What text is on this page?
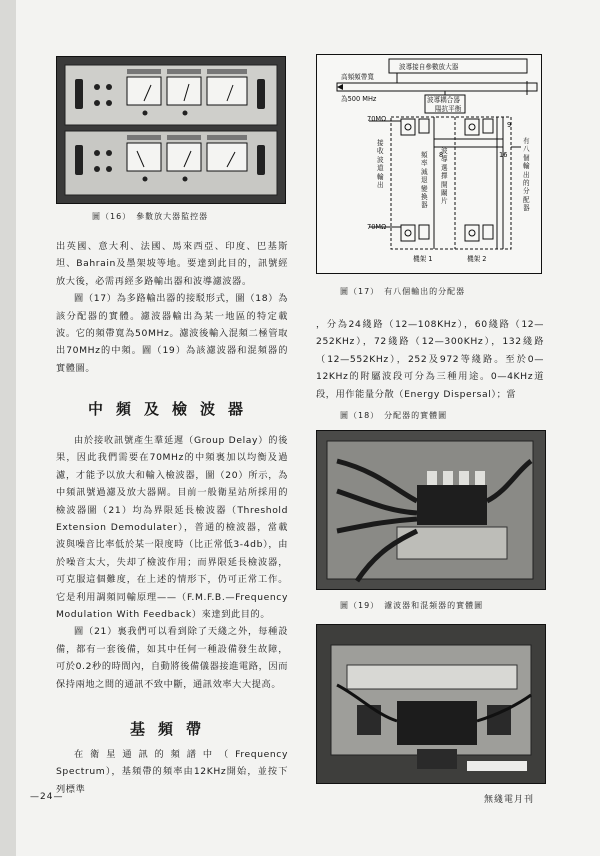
圖（16）　參數放大器監控器
波導接自參數放大器
高頻頻帶寬
為500 MHz	波導耦合器
陽抗平衡
70MΩ
70MΩ
接收波道輸出
頻率減退變換器
波導選擇開關片
有八個輸出的分配器
8
9
16
機架 1	機架 2
圖（17）　有八個輸出的分配器

，分為24綫路（12—108KHz），60綫路（12—252KHz），72綫路（12—300KHz），132綫路（12—552KHz），252及972等綫路。至於0—12KHz的附屬波段可分為三種用途。0—4KHz道段，用作能量分散（Energy Dispersal）；當

圖（18）　分配器的實體圖
圖（19）　濾波器和混頻器的實體圖

出英國、意大利、法國、馬來西亞、印度、巴基斯坦、Bahrain及墨架坡等地。要達到此目的，訊號經放大後，必需再經多路輸出器和波導濾波器。

圖（17）為多路輸出器的接駁形式，圖（18）為該分配器的實體。濾波器輸出為某一地區的特定載波。它的頻帶寬為50MHz。濾波後輸入混頻二極管取出70MHz的中頻。圖（19）為該濾波器和混頻器的實體圖。

中頻及檢波器

由於接收訊號產生羣延遲（Group Delay）的後果，因此我們需要在70MHz的中頻裏加以均衡及過濾，才能予以放大和輸入檢波器，圖（20）所示，為中頻訊號過濾及放大器閘。目前一般衛星站所採用的檢波器圖（21）均為界限延長檢波器（Threshold Extension Demodulater），普通的檢波器，當載波與噪音比率低於某一限度時（比正常低3-4db），由於噪音太大，失却了檢波作用；而界限延長檢波器，可克服這個難度，在上述的情形下，仍可正常工作。它是利用調頻同輸原理——（F.M.F.B.—Frequency Modulation With Feedback）來達到此目的。

圖（21）裏我們可以看到除了天綫之外，每種設備，都有一套後備，如其中任何一種設備發生故障，可於0.2秒的時間內，自動將後備儀器接進電路，因而保持兩地之間的通訊不致中斷，通訊效率大大提高。

基頻帶

在衛星通訊的頻譜中（Frequency Spectrum），基頻帶的頻率由12KHz開始，並按下列標準

—24—	無綫電月刊
